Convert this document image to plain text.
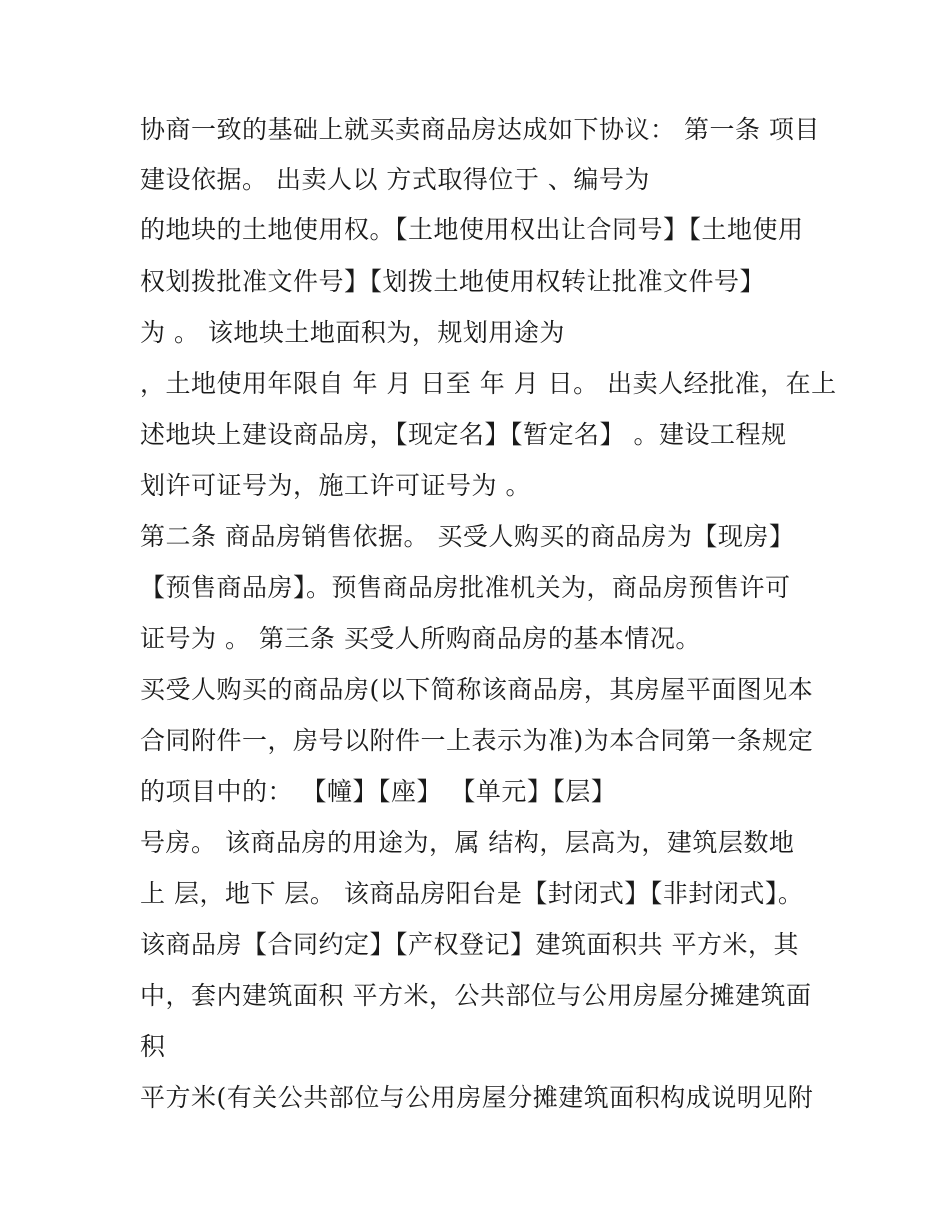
协商一致的基础上就买卖商品房达成如下协议： 第一条 项目
建设依据。 出卖人以 方式取得位于 、编号为
的地块的土地使用权。【土地使用权出让合同号】【土地使用
权划拨批准文件号】【划拨土地使用权转让批准文件号】
为 。 该地块土地面积为，规划用途为
，土地使用年限自 年 月 日至 年 月 日。 出卖人经批准，在上
述地块上建设商品房，【现定名】【暂定名】 。建设工程规
划许可证号为，施工许可证号为 。
第二条 商品房销售依据。 买受人购买的商品房为【现房】
【预售商品房】。预售商品房批准机关为，商品房预售许可
证号为 。 第三条 买受人所购商品房的基本情况。
买受人购买的商品房(以下简称该商品房，其房屋平面图见本
合同附件一，房号以附件一上表示为准)为本合同第一条规定
的项目中的： 【幢】【座】 【单元】【层】
号房。 该商品房的用途为，属 结构，层高为，建筑层数地
上 层，地下 层。 该商品房阳台是【封闭式】【非封闭式】。
该商品房【合同约定】【产权登记】建筑面积共 平方米，其
中，套内建筑面积 平方米，公共部位与公用房屋分摊建筑面
积
平方米(有关公共部位与公用房屋分摊建筑面积构成说明见附
